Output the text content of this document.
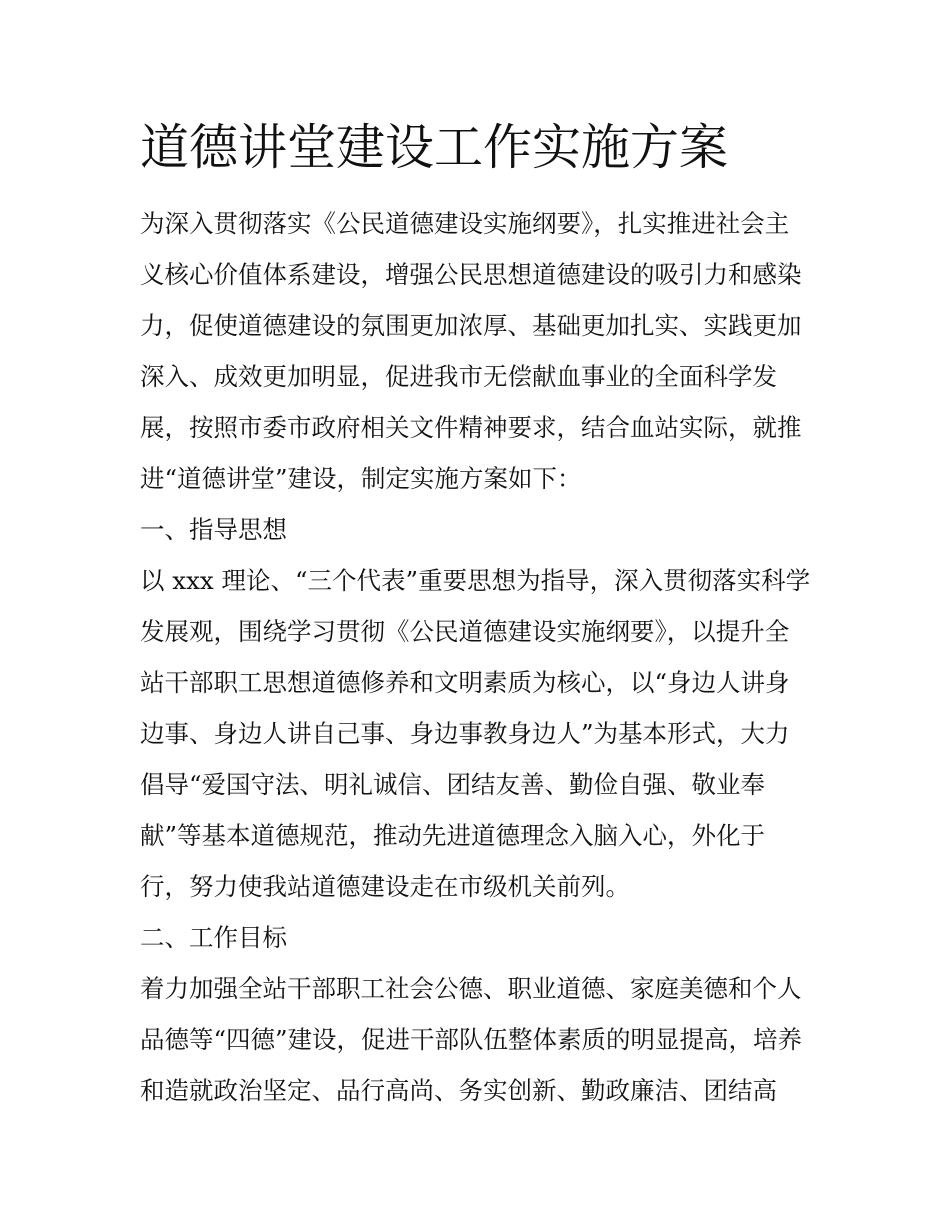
道德讲堂建设工作实施方案
为深入贯彻落实《公民道德建设实施纲要》，扎实推进社会主
义核心价值体系建设，增强公民思想道德建设的吸引力和感染
力，促使道德建设的氛围更加浓厚、基础更加扎实、实践更加
深入、成效更加明显，促进我市无偿献血事业的全面科学发
展，按照市委市政府相关文件精神要求，结合血站实际，就推
进“道德讲堂”建设，制定实施方案如下：
一、指导思想
以 xxx 理论、“三个代表”重要思想为指导，深入贯彻落实科学
发展观，围绕学习贯彻《公民道德建设实施纲要》，以提升全
站干部职工思想道德修养和文明素质为核心，以“身边人讲身
边事、身边人讲自己事、身边事教身边人”为基本形式，大力
倡导“爱国守法、明礼诚信、团结友善、勤俭自强、敬业奉
献”等基本道德规范，推动先进道德理念入脑入心，外化于
行，努力使我站道德建设走在市级机关前列。
二、工作目标
着力加强全站干部职工社会公德、职业道德、家庭美德和个人
品德等“四德”建设，促进干部队伍整体素质的明显提高，培养
和造就政治坚定、品行高尚、务实创新、勤政廉洁、团结高
